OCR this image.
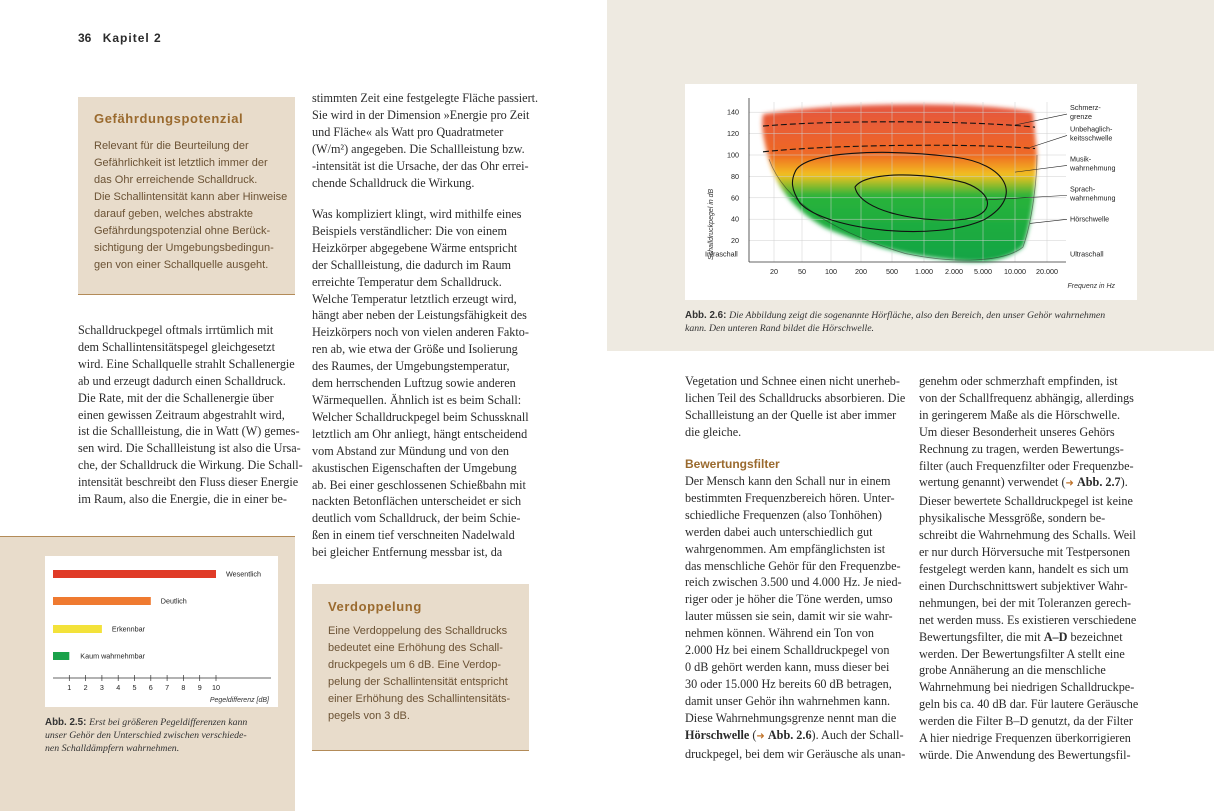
36 Kapitel 2
Gefährdungspotenzial
Relevant für die Beurteilung der
Gefährlichkeit ist letztlich immer der
das Ohr erreichende Schalldruck.
Die Schallintensität kann aber Hinweise
darauf geben, welches abstrakte
Gefährdungspotenzial ohne Berück-
sichtigung der Umgebungsbedingun-
gen von einer Schallquelle ausgeht.
Schalldruckpegel oftmals irrtümlich mit
dem Schallintensitätspegel gleichgesetzt
wird. Eine Schallquelle strahlt Schallenergie
ab und erzeugt dadurch einen Schalldruck.
Die Rate, mit der die Schallenergie über
einen gewissen Zeitraum abgestrahlt wird,
ist die Schallleistung, die in Watt (W) gemes-
sen wird. Die Schallleistung ist also die Ursa-
che, der Schalldruck die Wirkung. Die Schall-
intensität beschreibt den Fluss dieser Energie
im Raum, also die Energie, die in einer be-
stimmten Zeit eine festgelegte Fläche passiert.
Sie wird in der Dimension »Energie pro Zeit
und Fläche« als Watt pro Quadratmeter
(W/m²) angegeben. Die Schallleistung bzw.
-intensität ist die Ursache, der das Ohr errei-
chende Schalldruck die Wirkung.
Was kompliziert klingt, wird mithilfe eines
Beispiels verständlicher: Die von einem
Heizkörper abgegebene Wärme entspricht
der Schallleistung, die dadurch im Raum
erreichte Temperatur dem Schalldruck.
Welche Temperatur letztlich erzeugt wird,
hängt aber neben der Leistungsfähigkeit des
Heizkörpers noch von vielen anderen Fakto-
ren ab, wie etwa der Größe und Isolierung
des Raumes, der Umgebungstemperatur,
dem herrschenden Luftzug sowie anderen
Wärmequellen. Ähnlich ist es beim Schall:
Welcher Schalldruckpegel beim Schussknall
letztlich am Ohr anliegt, hängt entscheidend
vom Abstand zur Mündung und von den
akustischen Eigenschaften der Umgebung
ab. Bei einer geschlossenen Schießbahn mit
nackten Betonflächen unterscheidet er sich
deutlich vom Schalldruck, der beim Schie-
ßen in einem tief verschneiten Nadelwald
bei gleicher Entfernung messbar ist, da
Wesentlich
Deutlich
Erkennbar
Kaum wahrnehmbar
1 2 3 4 5 6 7 8 9 10
Pegeldifferenz [dB]
Abb. 2.5: Erst bei größeren Pegeldifferenzen kann
unser Gehör den Unterschied zwischen verschiede-
nen Schalldämpfern wahrnehmen.
Verdoppelung
Eine Verdoppelung des Schalldrucks
bedeutet eine Erhöhung des Schall-
druckpegels um 6 dB. Eine Verdop-
pelung der Schallintensität entspricht
einer Erhöhung des Schallintensitäts-
pegels von 3 dB.
20
40
60
80
100
120
140
20	50	100	200	500 1.000 2.000 5.000 10.000 20.000
Schalldruckpegel in dB
Frequenz in Hz
Infraschall	Ultraschall
Schmerz-grenze
Unbehaglich-keitsschwelle
Musik-wahrnehmung
Sprach-wahrnehmung
Hörschwelle
Abb. 2.6: Die Abbildung zeigt die sogenannte Hörfläche, also den Bereich, den unser Gehör wahrnehmen
kann. Den unteren Rand bildet die Hörschwelle.
Vegetation und Schnee einen nicht unerheb-
lichen Teil des Schalldrucks absorbieren. Die
Schallleistung an der Quelle ist aber immer
die gleiche.
Bewertungsfilter
Der Mensch kann den Schall nur in einem
bestimmten Frequenzbereich hören. Unter-
schiedliche Frequenzen (also Tonhöhen)
werden dabei auch unterschiedlich gut
wahrgenommen. Am empfänglichsten ist
das menschliche Gehör für den Frequenzbe-
reich zwischen 3.500 und 4.000 Hz. Je nied-
riger oder je höher die Töne werden, umso
lauter müssen sie sein, damit wir sie wahr-
nehmen können. Während ein Ton von
2.000 Hz bei einem Schalldruckpegel von
0 dB gehört werden kann, muss dieser bei
30 oder 15.000 Hz bereits 60 dB betragen,
damit unser Gehör ihn wahrnehmen kann.
Diese Wahrnehmungsgrenze nennt man die
Hörschwelle (➜ Abb. 2.6). Auch der Schall-
druckpegel, bei dem wir Geräusche als unan-
genehm oder schmerzhaft empfinden, ist
von der Schallfrequenz abhängig, allerdings
in geringerem Maße als die Hörschwelle.
Um dieser Besonderheit unseres Gehörs
Rechnung zu tragen, werden Bewertungs-
filter (auch Frequenzfilter oder Frequenzbe-
wertung genannt) verwendet (➜ Abb. 2.7).
Dieser bewertete Schalldruckpegel ist keine
physikalische Messgröße, sondern be-
schreibt die Wahrnehmung des Schalls. Weil
er nur durch Hörversuche mit Testpersonen
festgelegt werden kann, handelt es sich um
einen Durchschnittswert subjektiver Wahr-
nehmungen, bei der mit Toleranzen gerech-
net werden muss. Es existieren verschiedene
Bewertungsfilter, die mit A–D bezeichnet
werden. Der Bewertungsfilter A stellt eine
grobe Annäherung an die menschliche
Wahrnehmung bei niedrigen Schalldruckpe-
geln bis ca. 40 dB dar. Für lautere Geräusche
werden die Filter B–D genutzt, da der Filter
A hier niedrige Frequenzen überkorrigieren
würde. Die Anwendung des Bewertungsfil-
